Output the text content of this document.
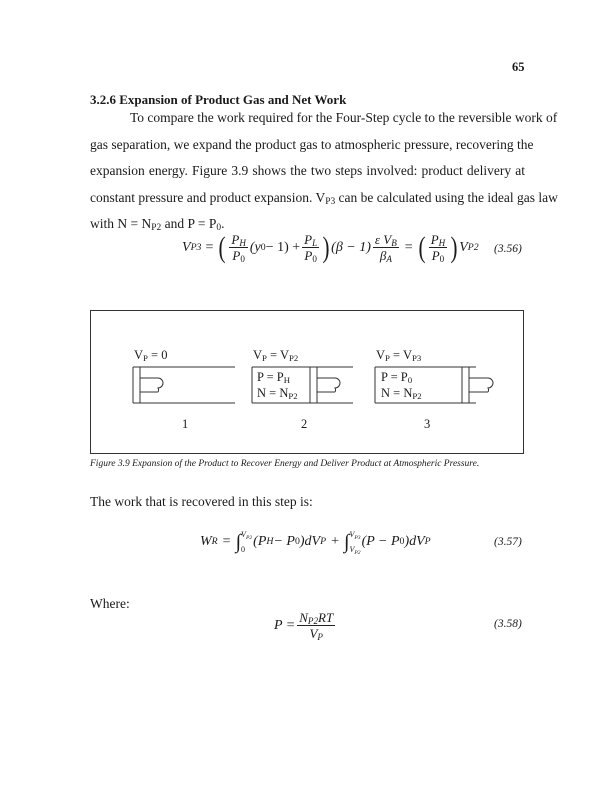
65
3.2.6 Expansion of Product Gas and Net Work
To compare the work required for the Four-Step cycle to the reversible work of
gas separation, we expand the product gas to atmospheric pressure, recovering the
expansion energy. Figure 3.9 shows the two steps involved: product delivery at
constant pressure and product expansion. $V_{P3}$ can be calculated using the ideal gas law
with $N = N_{P2}$ and $P = P_0$.
V P3 = ( $\frac{P_H}{P_0} (y$ $0 - 1) + \frac{P_L}{P_0}$ ) $(\beta - 1) \frac{\varepsilon V_B}{\beta_A}$ = ( $\frac{P_H}{P_0}$ ) V P2 (3.56)
$V_P = 0$	$V_P = V_{P2}$	$V_P = V_{P3}$
$P = P_H$
$N = N_{P2}$
$P = P_0$
$N = N_{P2}$
1	2	3
Figure 3.9 Expansion of the Product to Recover Energy and Deliver Product at Atmospheric Pressure.
The work that is recovered in this step is:
W R = ∫ $V_{P2}$
0
(P H − P 0 )dV P + ∫ $V_{P3}$
$V_{P2}$
(P − P 0 )dV P	(3.57)
Where:
$P = \frac{N_{P2}RT}{V_P}$	(3.58)
